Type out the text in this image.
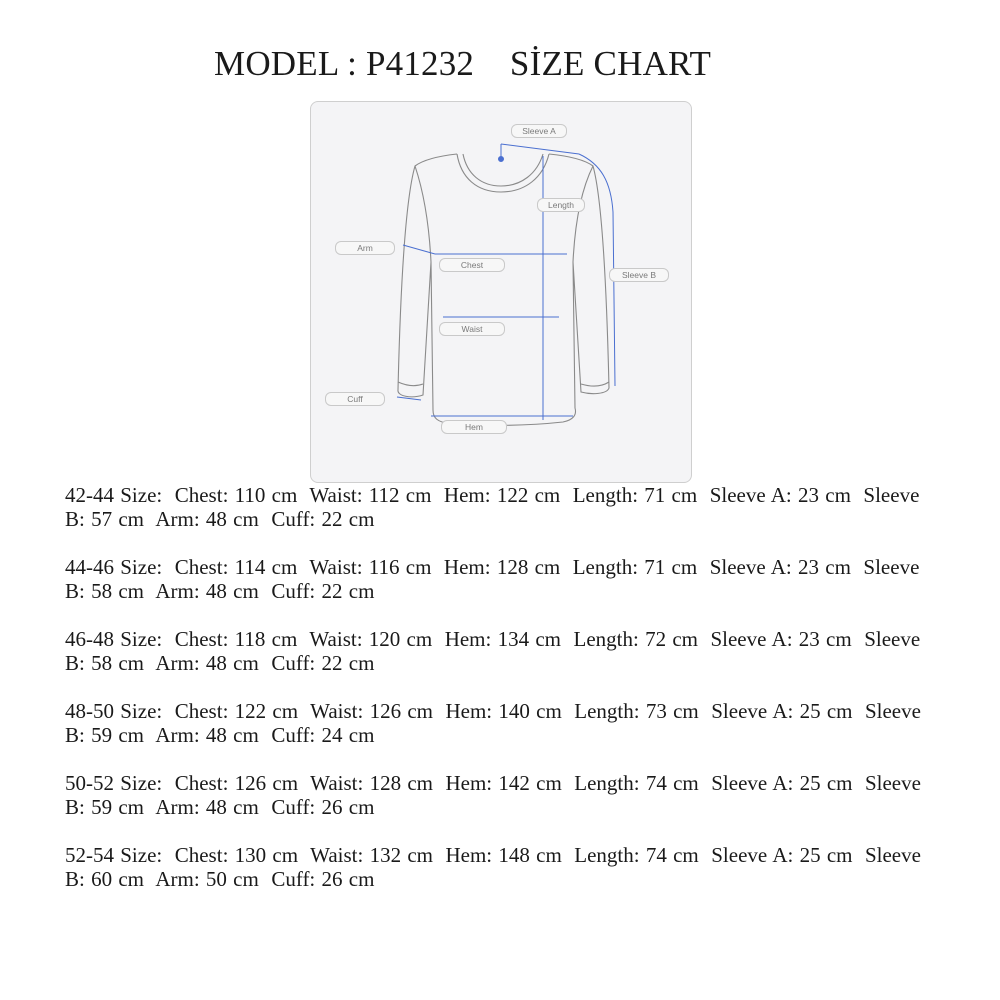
MODEL : P41232    SİZE CHART
Sleeve A
Length
Arm
Chest
Sleeve B
Waist
Cuff
Hem
42-44 Size:  Chest: 110 cm  Waist: 112 cm  Hem: 122 cm  Length: 71 cm  Sleeve A: 23 cm  Sleeve B: 57 cm  Arm: 48 cm  Cuff: 22 cm
44-46 Size:  Chest: 114 cm  Waist: 116 cm  Hem: 128 cm  Length: 71 cm  Sleeve A: 23 cm  Sleeve B: 58 cm  Arm: 48 cm  Cuff: 22 cm
46-48 Size:  Chest: 118 cm  Waist: 120 cm  Hem: 134 cm  Length: 72 cm  Sleeve A: 23 cm  Sleeve B: 58 cm  Arm: 48 cm  Cuff: 22 cm
48-50 Size:  Chest: 122 cm  Waist: 126 cm  Hem: 140 cm  Length: 73 cm  Sleeve A: 25 cm  Sleeve B: 59 cm  Arm: 48 cm  Cuff: 24 cm
50-52 Size:  Chest: 126 cm  Waist: 128 cm  Hem: 142 cm  Length: 74 cm  Sleeve A: 25 cm  Sleeve B: 59 cm  Arm: 48 cm  Cuff: 26 cm
52-54 Size:  Chest: 130 cm  Waist: 132 cm  Hem: 148 cm  Length: 74 cm  Sleeve A: 25 cm  Sleeve B: 60 cm  Arm: 50 cm  Cuff: 26 cm
